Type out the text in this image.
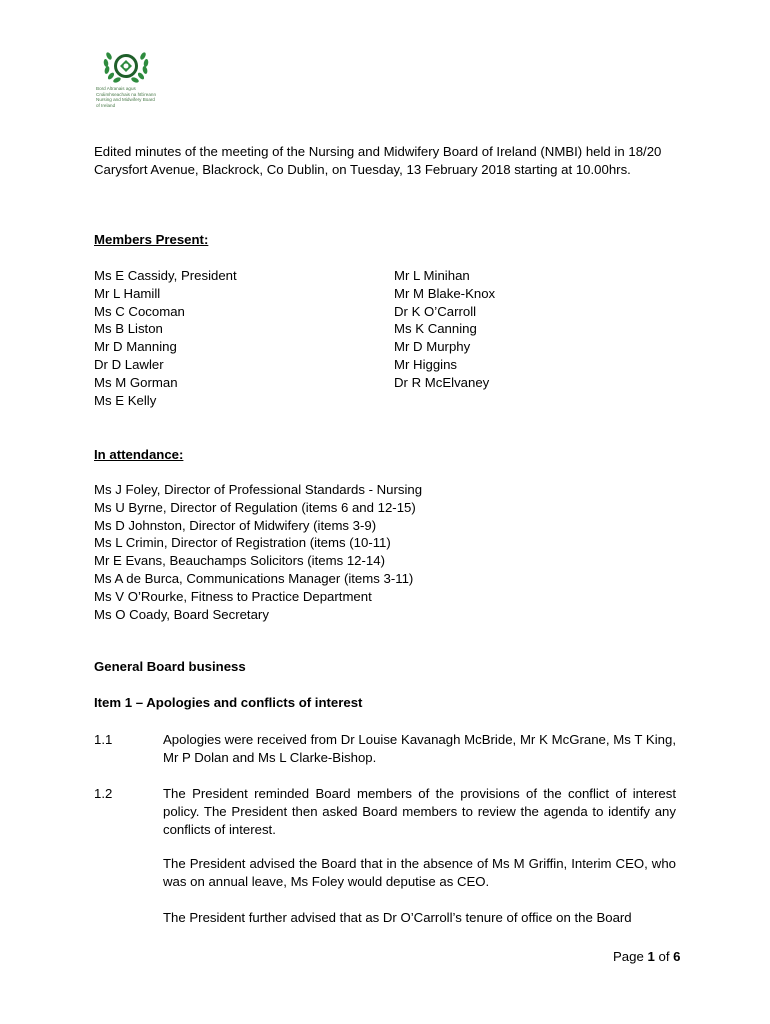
Bord Altranais agus
Cnáimhseachais na hÉireann
Nursing and Midwifery Board
of Ireland
Edited minutes of the meeting of the Nursing and Midwifery Board of Ireland (NMBI) held in 18/20 Carysfort Avenue, Blackrock, Co Dublin, on Tuesday, 13 February 2018 starting at 10.00hrs.
Members Present:
Ms E Cassidy, President
Mr L Hamill
Ms C Cocoman
Ms B Liston
Mr D Manning
Dr D Lawler
Ms M Gorman
Ms E Kelly
Mr L Minihan
Mr M Blake-Knox
Dr K O’Carroll
Ms K Canning
Mr D Murphy
Mr Higgins
Dr R McElvaney
In attendance:
Ms J Foley, Director of Professional Standards - Nursing
Ms U Byrne, Director of Regulation (items 6 and 12-15)
Ms D Johnston, Director of Midwifery (items 3-9)
Ms L Crimin, Director of Registration (items (10-11)
Mr E Evans, Beauchamps Solicitors (items 12-14)
Ms A de Burca, Communications Manager (items 3-11)
Ms V O’Rourke, Fitness to Practice Department
Ms O Coady, Board Secretary
General Board business
Item 1 – Apologies and conflicts of interest
1.1	Apologies were received from Dr Louise Kavanagh McBride, Mr K McGrane, Ms T King, Mr P Dolan and Ms L Clarke-Bishop.
1.2	The President reminded Board members of the provisions of the conflict of interest policy. The President then asked Board members to review the agenda to identify any conflicts of interest.
The President advised the Board that in the absence of Ms M Griffin, Interim CEO, who was on annual leave, Ms Foley would deputise as CEO.
The President further advised that as Dr O’Carroll’s tenure of office on the Board
Page 1 of 6
